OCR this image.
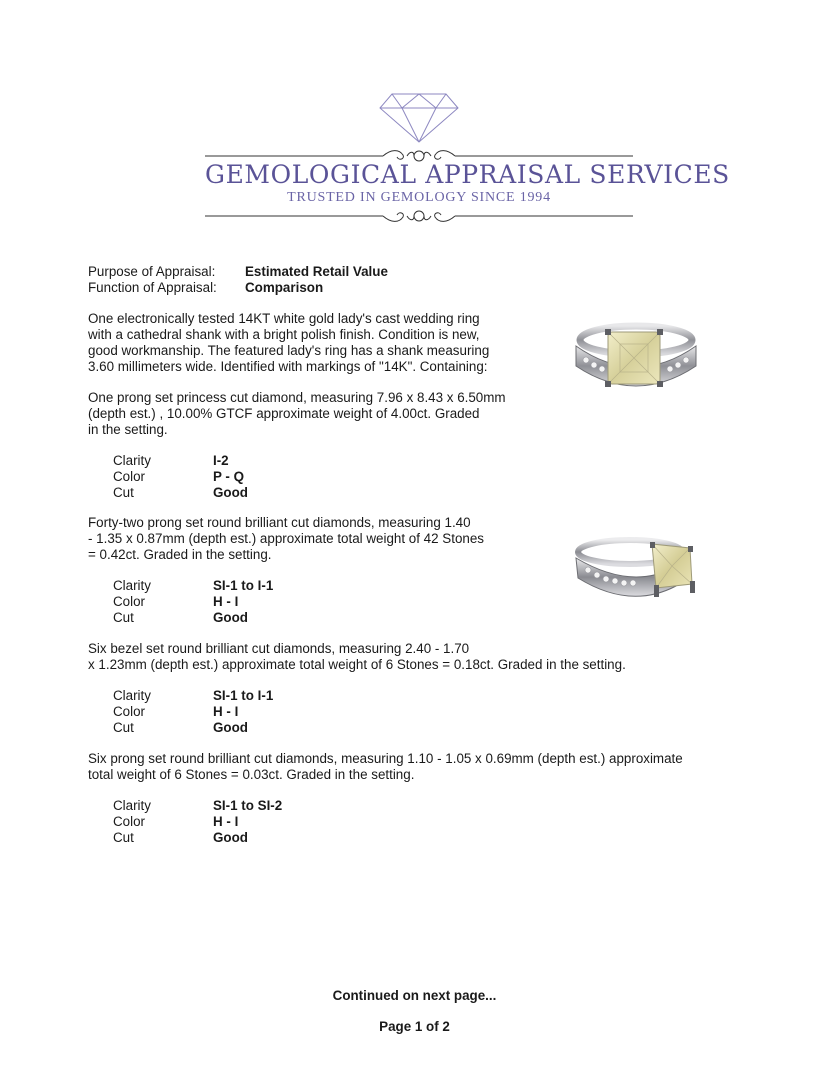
GEMOLOGICAL APPRAISAL SERVICES
TRUSTED IN GEMOLOGY SINCE 1994
Purpose of Appraisal: Estimated Retail Value
Function of Appraisal: Comparison
One electronically tested 14KT white gold lady's cast wedding ring
with a cathedral shank with a bright polish finish. Condition is new,
good workmanship. The featured lady's ring has a shank measuring
3.60 millimeters wide. Identified with markings of "14K". Containing:
One prong set princess cut diamond, measuring 7.96 x 8.43 x 6.50mm
(depth est.) , 10.00% GTCF approximate weight of 4.00ct. Graded
in the setting.
Clarity	I-2
Color	P - Q
Cut	Good
Forty-two prong set round brilliant cut diamonds, measuring 1.40
- 1.35 x 0.87mm (depth est.) approximate total weight of 42 Stones
= 0.42ct. Graded in the setting.
Clarity	SI-1 to I-1
Color	H - I
Cut	Good
Six bezel set round brilliant cut diamonds, measuring 2.40 - 1.70
x 1.23mm (depth est.) approximate total weight of 6 Stones = 0.18ct. Graded in the setting.
Clarity	SI-1 to I-1
Color	H - I
Cut	Good
Six prong set round brilliant cut diamonds, measuring 1.10 - 1.05 x 0.69mm (depth est.) approximate
total weight of 6 Stones = 0.03ct. Graded in the setting.
Clarity	SI-1 to SI-2
Color	H - I
Cut	Good
Continued on next page...
Page 1 of 2
